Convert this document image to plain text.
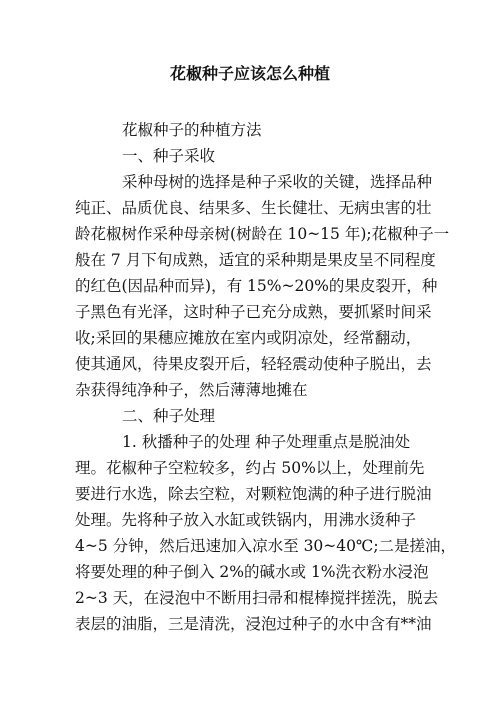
花椒种子应该怎么种植

花椒种子的种植方法

一、种子采收

采种母树的选择是种子采收的关键，选择品种

纯正、品质优良、结果多、生长健壮、无病虫害的壮

龄花椒树作采种母亲树(树龄在 10~15 年);花椒种子一

般在 7 月下旬成熟，适宜的采种期是果皮呈不同程度

的红色(因品种而异)，有 15%~20%的果皮裂开，种

子黑色有光泽，这时种子已充分成熟，要抓紧时间采

收;采回的果穗应摊放在室内或阴凉处，经常翻动，

使其通风，待果皮裂开后，轻轻震动使种子脱出，去

杂获得纯净种子，然后薄薄地摊在

二、种子处理

1. 秋播种子的处理 种子处理重点是脱油处

理。花椒种子空粒较多，约占 50%以上，处理前先

要进行水选，除去空粒，对颗粒饱满的种子进行脱油

处理。先将种子放入水缸或铁锅内，用沸水烫种子

4~5 分钟，然后迅速加入凉水至 30~40℃;二是搓油，

将要处理的种子倒入 2%的碱水或 1%洗衣粉水浸泡

2~3 天，在浸泡中不断用扫帚和棍棒搅拌搓洗，脱去

表层的油脂，三是清洗，浸泡过种子的水中含有**油
